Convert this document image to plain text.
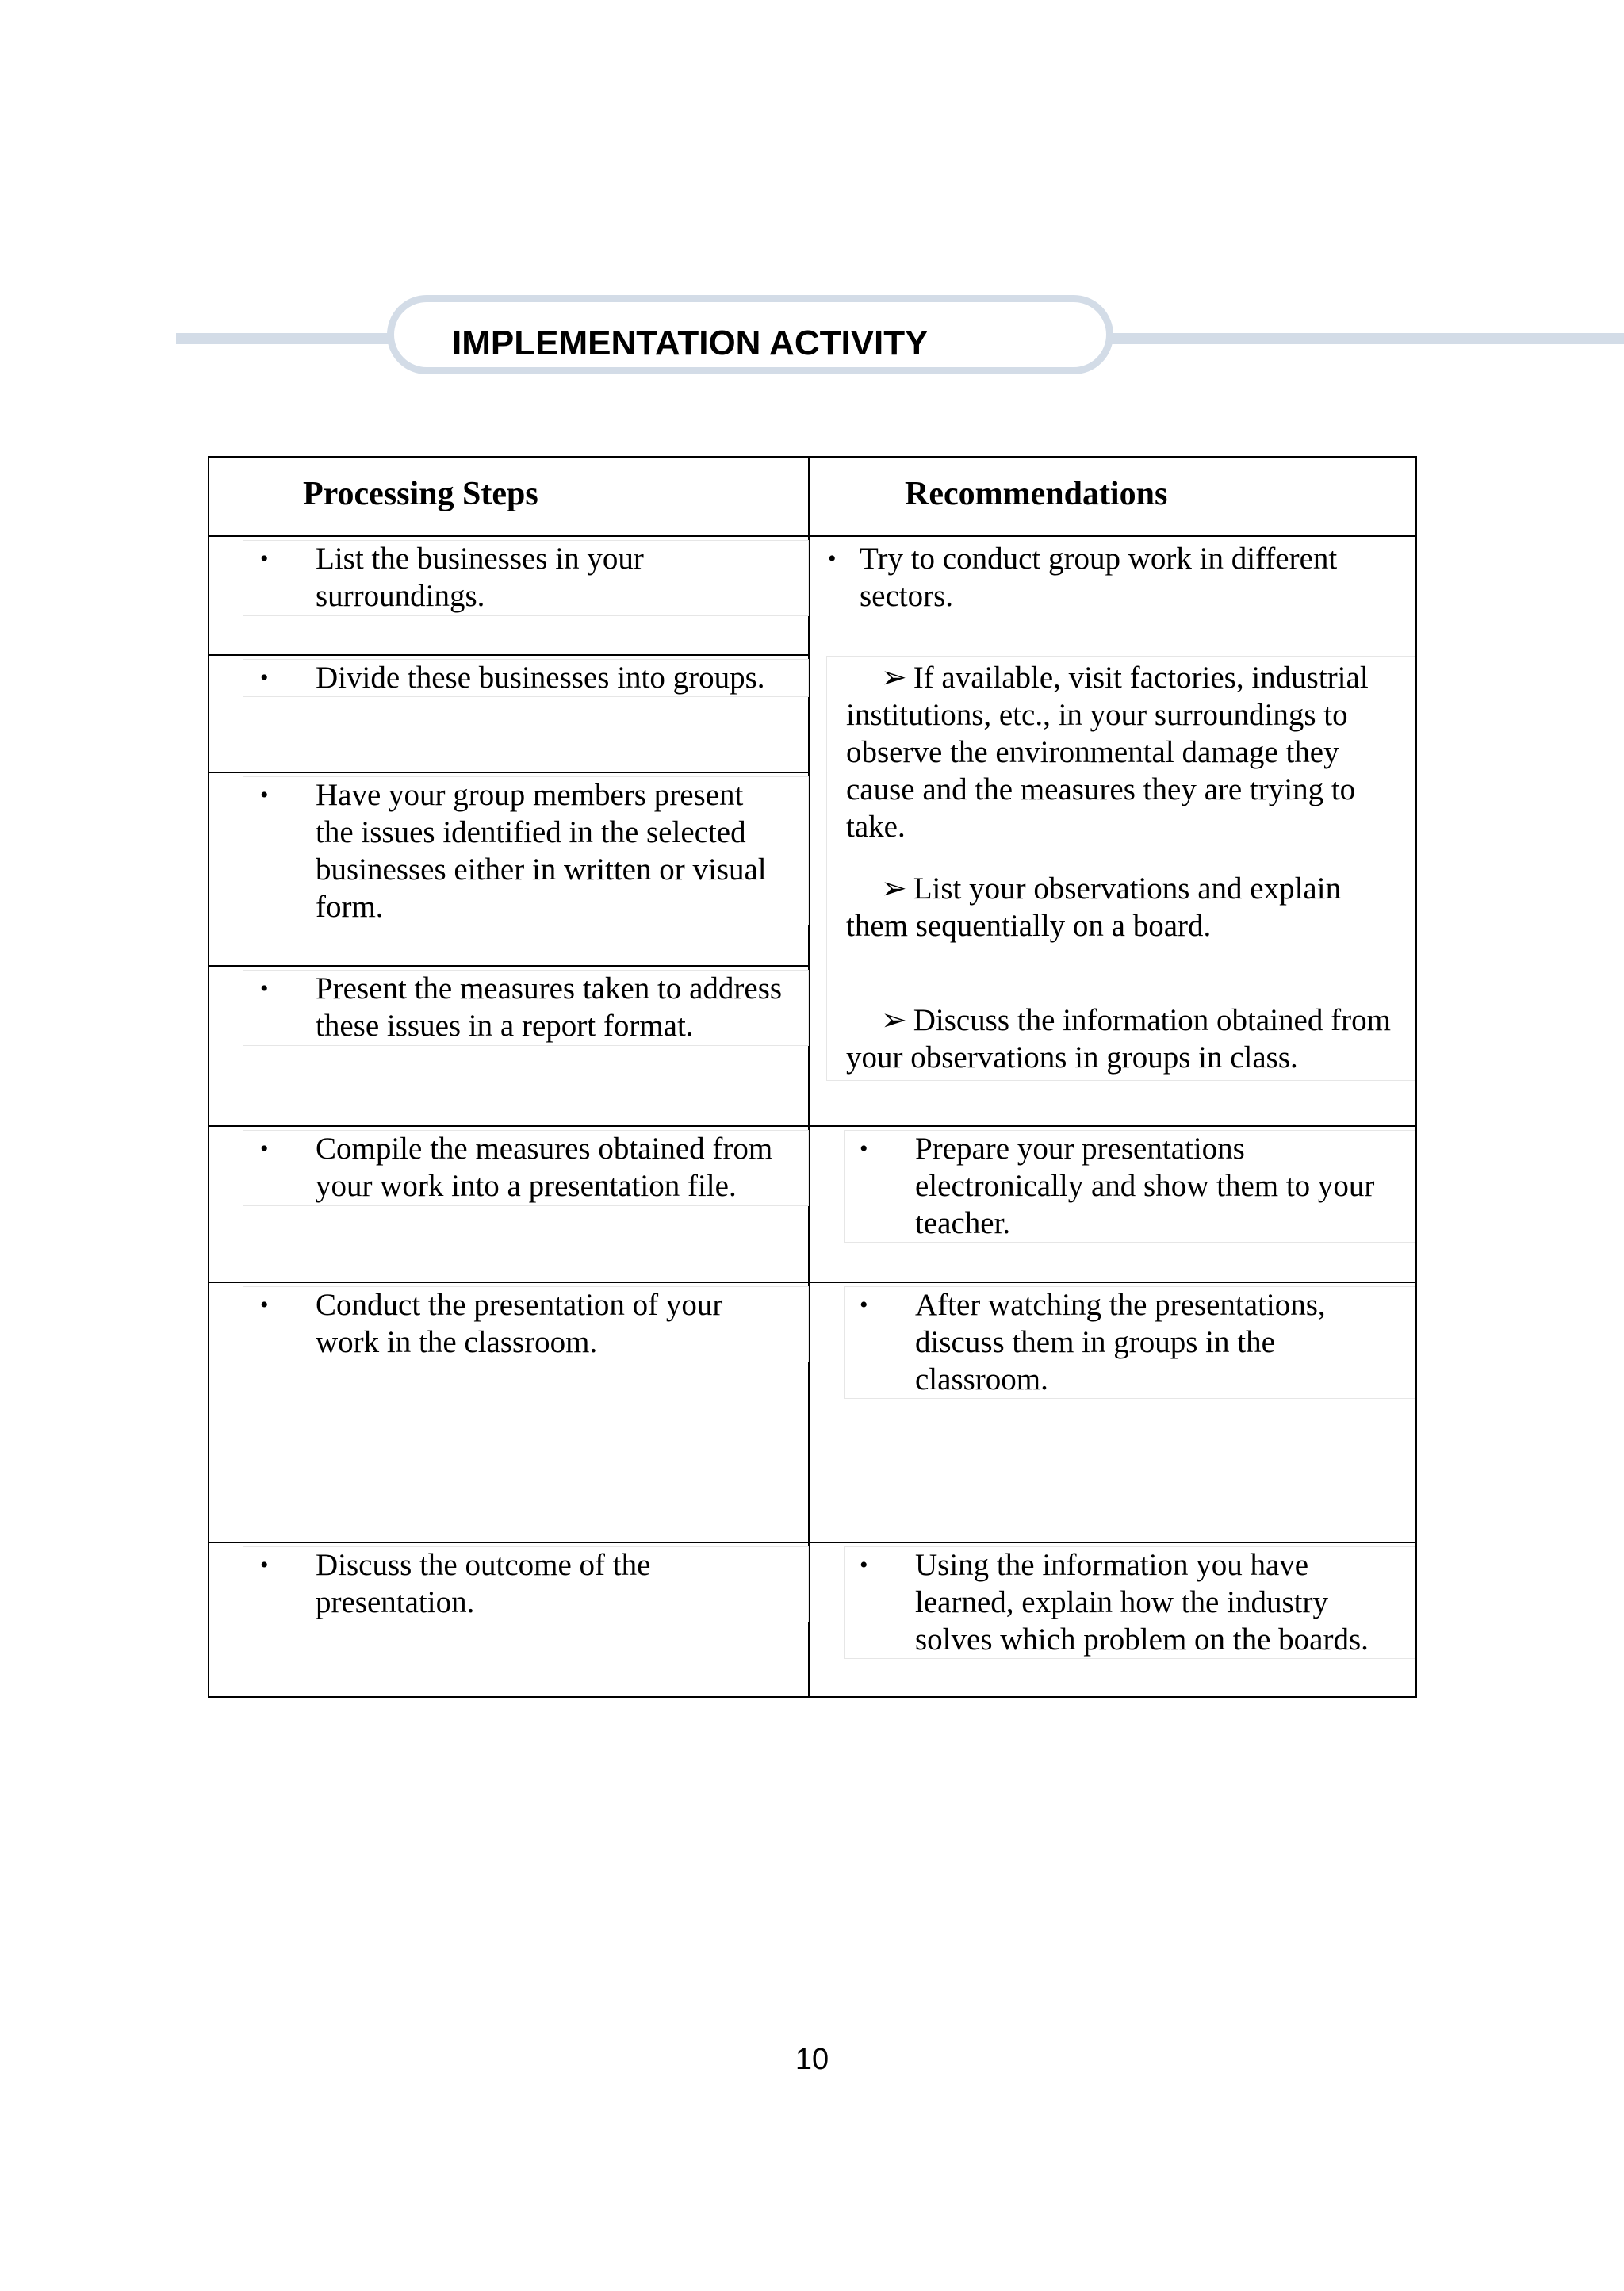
IMPLEMENTATION ACTIVITY
Processing Steps	Recommendations
• List the businesses in your
surroundings.
• Divide these businesses into groups.
• Have your group members present
the issues identified in the selected
businesses either in written or visual
form.
• Present the measures taken to address
these issues in a report format.
• Compile the measures obtained from
your work into a presentation file.
• Conduct the presentation of your
work in the classroom.
• Discuss the outcome of the
presentation.
• Try to conduct group work in different
sectors.
➢ If available, visit factories, industrial
institutions, etc., in your surroundings to
observe the environmental damage they
cause and the measures they are trying to
take.
➢ List your observations and explain
them sequentially on a board.
➢ Discuss the information obtained from
your observations in groups in class.
• Prepare your presentations
electronically and show them to your
teacher.
• After watching the presentations,
discuss them in groups in the
classroom.
• Using the information you have
learned, explain how the industry
solves which problem on the boards.
10
